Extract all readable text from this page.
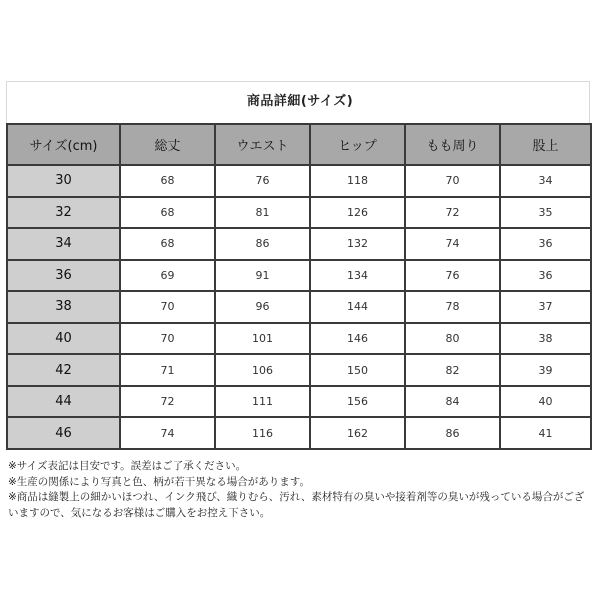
商品詳細(サイズ)
サイズ(cm)	総丈	ウエスト	ヒップ	もも周り	股上
30	68	76	118	70	34
32	68	81	126	72	35
34	68	86	132	74	36
36	69	91	134	76	36
38	70	96	144	78	37
40	70	101	146	80	38
42	71	106	150	82	39
44	72	111	156	84	40
46	74	116	162	86	41

※サイズ表記は目安です。誤差はご了承ください。

※生産の関係により写真と色、柄が若干異なる場合があります。

※商品は縫製上の細かいほつれ、インク飛び、織りむら、汚れ、素材特有の臭いや接着剤等の臭いが残っている場合がございますので、気になるお客様はご購入をお控え下さい。
